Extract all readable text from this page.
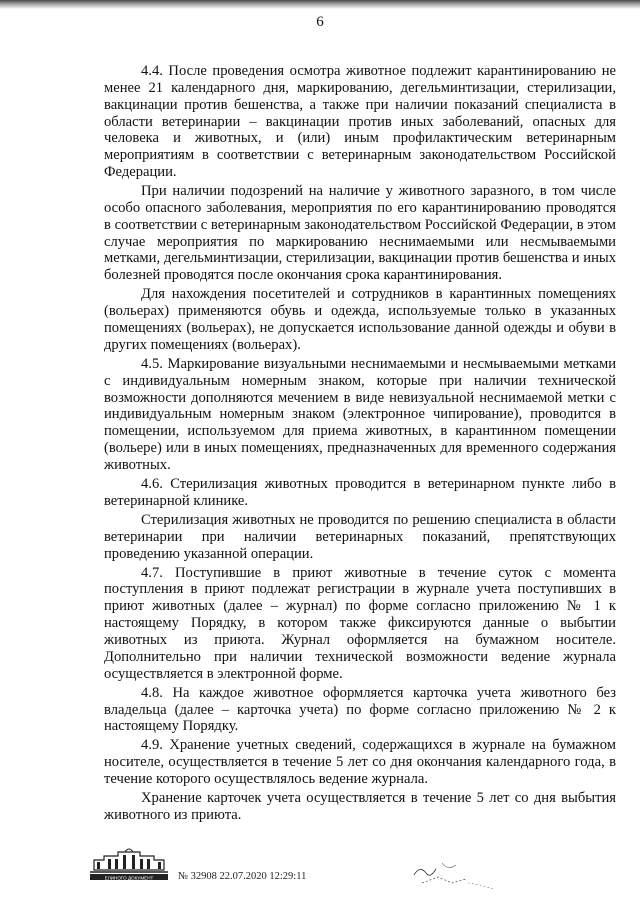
6

4.4. После проведения осмотра животное подлежит карантинированию не менее 21 календарного дня, маркированию, дегельминтизации, стерилизации, вакцинации против бешенства, а также при наличии показаний специалиста в области ветеринарии – вакцинации против иных заболеваний, опасных для человека и животных, и (или) иным профилактическим ветеринарным мероприятиям в соответствии с ветеринарным законодательством Российской Федерации.

При наличии подозрений на наличие у животного заразного, в том числе особо опасного заболевания, мероприятия по его карантинированию проводятся в соответствии с ветеринарным законодательством Российской Федерации, в этом случае мероприятия по маркированию неснимаемыми или несмываемыми метками, дегельминтизации, стерилизации, вакцинации против бешенства и иных болезней проводятся после окончания срока карантинирования.

Для нахождения посетителей и сотрудников в карантинных помещениях (вольерах) применяются обувь и одежда, используемые только в указанных помещениях (вольерах), не допускается использование данной одежды и обуви в других помещениях (вольерах).

4.5. Маркирование визуальными неснимаемыми и несмываемыми метками с индивидуальным номерным знаком, которые при наличии технической возможности дополняются мечением в виде невизуальной неснимаемой метки с индивидуальным номерным знаком (электронное чипирование), проводится в помещении, используемом для приема животных, в карантинном помещении (вольере) или в иных помещениях, предназначенных для временного содержания животных.

4.6. Стерилизация животных проводится в ветеринарном пункте либо в ветеринарной клинике.

Стерилизация животных не проводится по решению специалиста в области ветеринарии при наличии ветеринарных показаний, препятствующих проведению указанной операции.

4.7. Поступившие в приют животные в течение суток с момента поступления в приют подлежат регистрации в журнале учета поступивших в приют животных (далее – журнал) по форме согласно приложению № 1 к настоящему Порядку, в котором также фиксируются данные о выбытии животных из приюта. Журнал оформляется на бумажном носителе. Дополнительно при наличии технической возможности ведение журнала осуществляется в электронной форме.

4.8. На каждое животное оформляется карточка учета животного без владельца (далее – карточка учета) по форме согласно приложению № 2 к настоящему Порядку.

4.9. Хранение учетных сведений, содержащихся в журнале на бумажном носителе, осуществляется в течение 5 лет со дня окончания календарного года, в течение которого осуществлялось ведение журнала.

Хранение карточек учета осуществляется в течение 5 лет со дня выбытия животного из приюта.

ЕЛИНОГО ДОКУМЕНТ № 32908 22.07.2020 12:29:11
